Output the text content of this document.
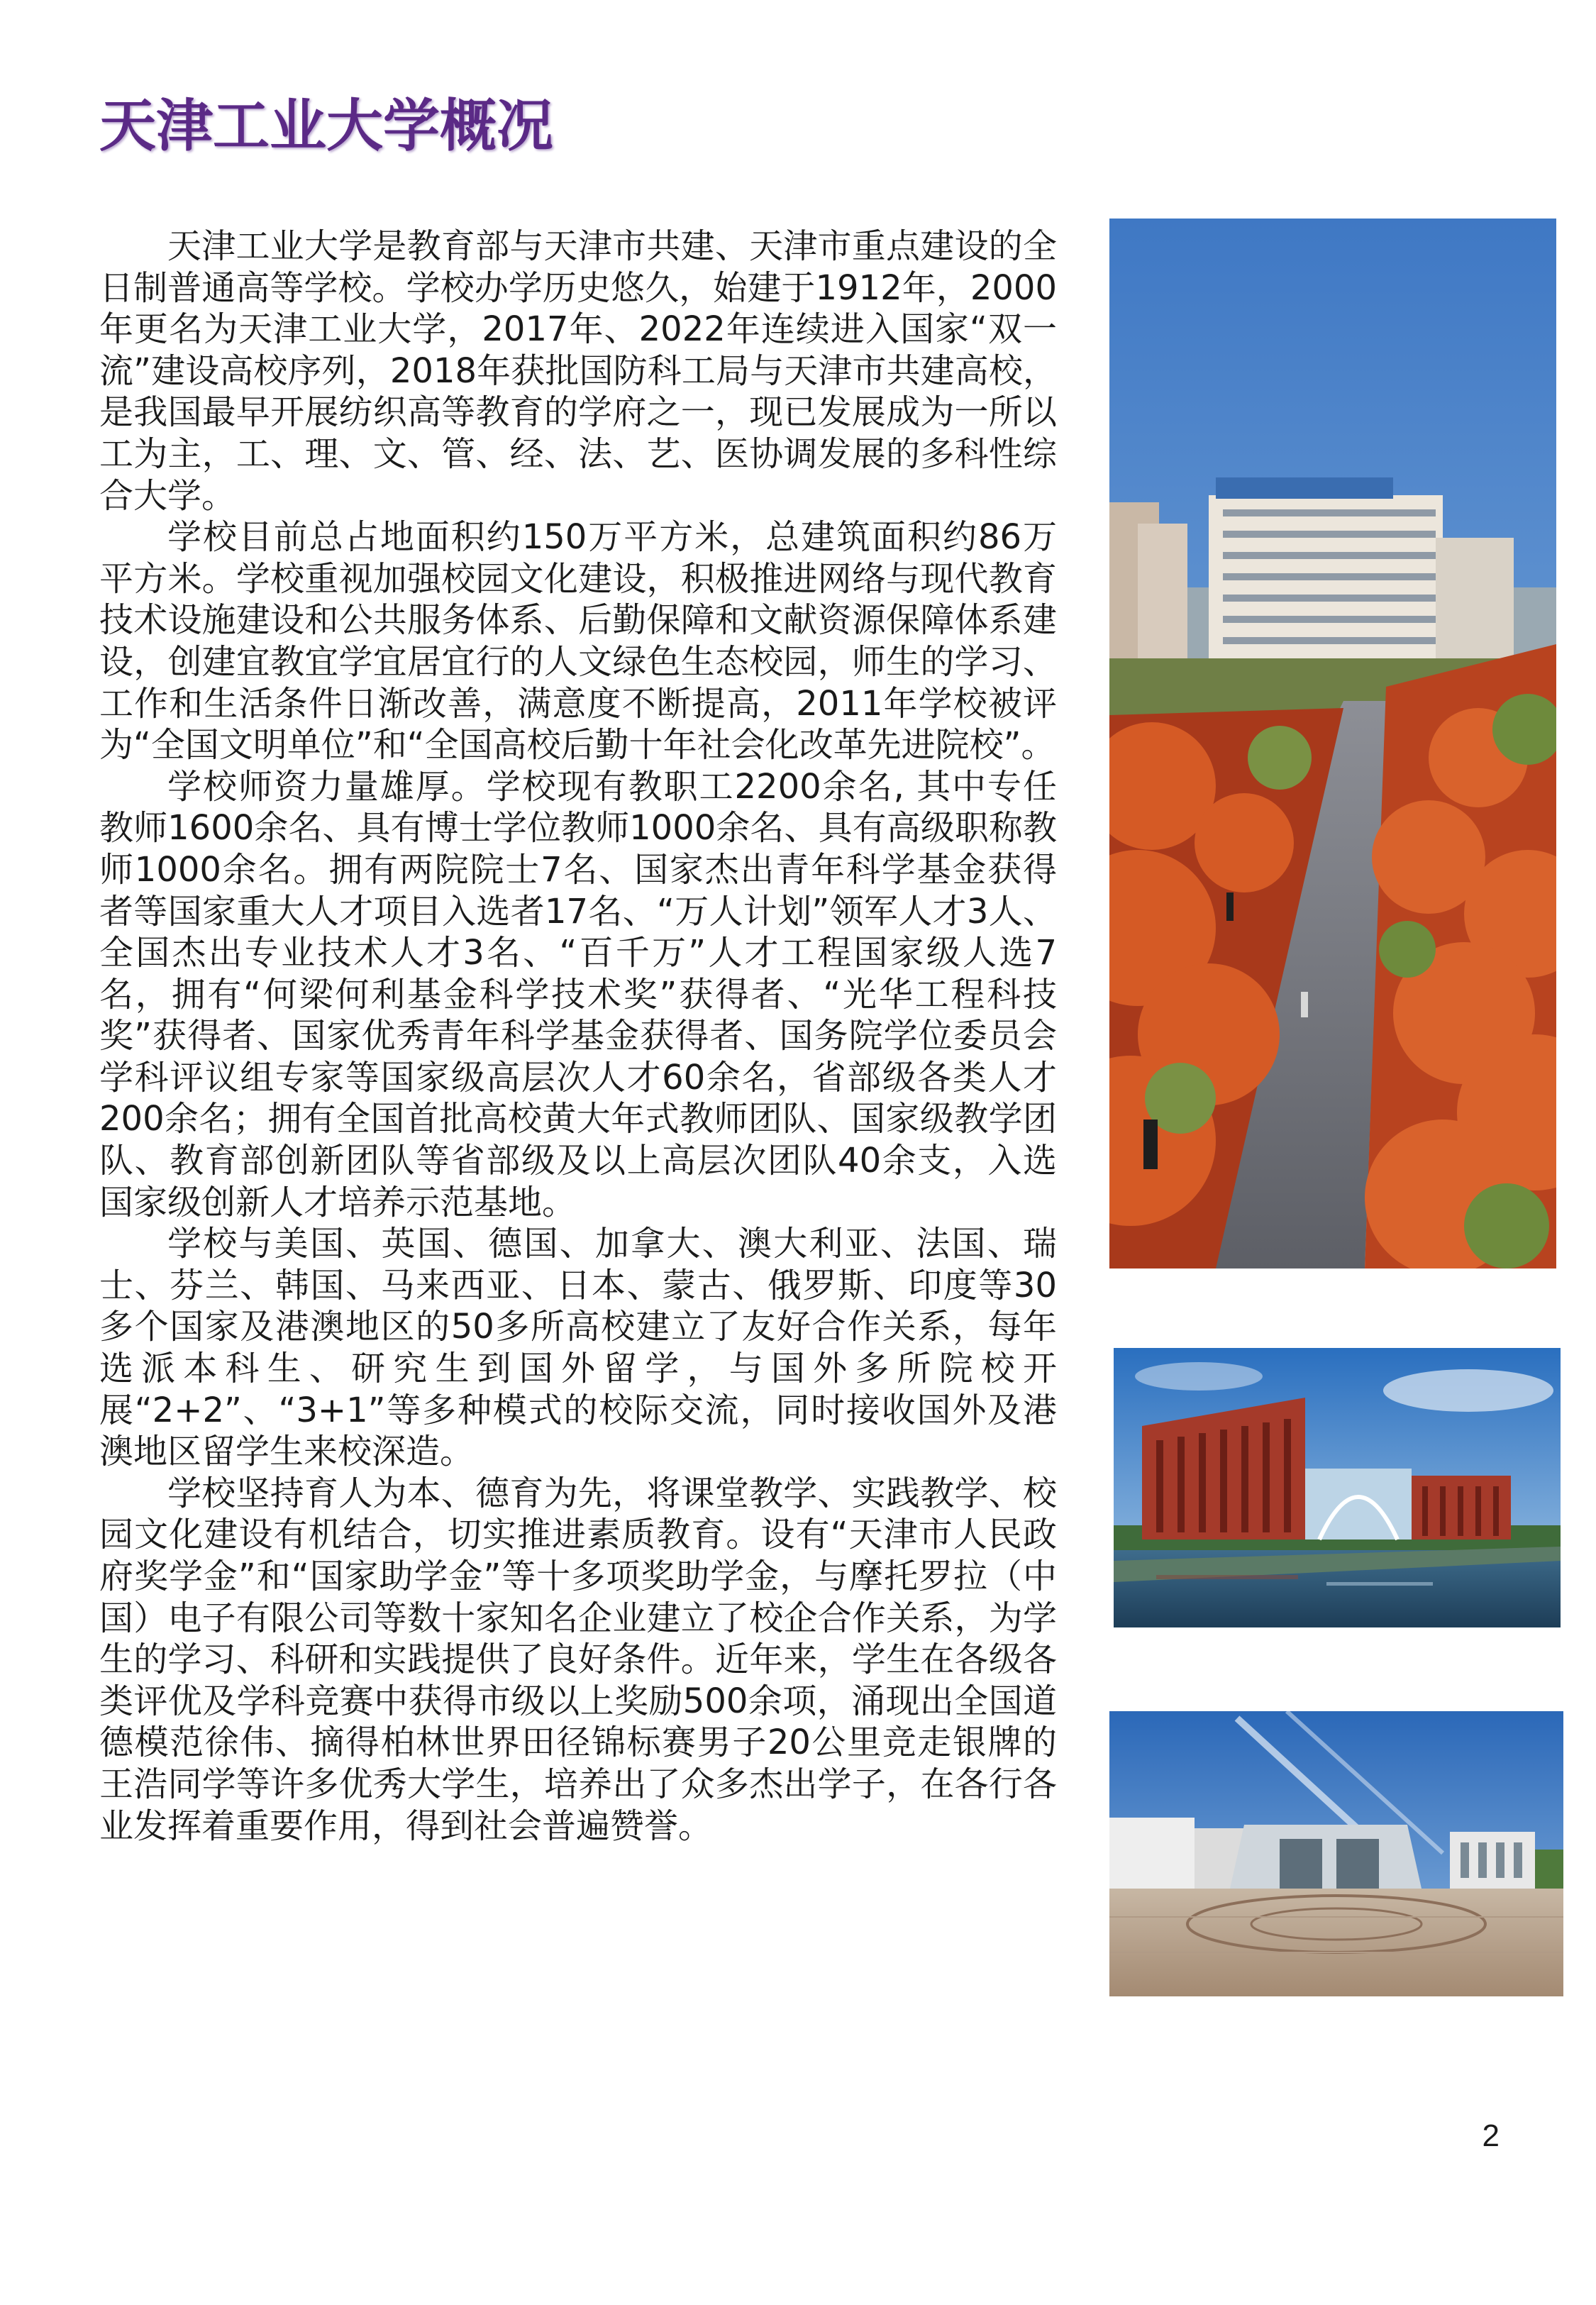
天津工业大学概况

天津工业大学是教育部与天津市共建、天津市重点建设的全日制普通高等学校。学校办学历史悠久，始建于1912年，2000年更名为天津工业大学，2017年、2022年连续进入国家“双一流”建设高校序列，2018年获批国防科工局与天津市共建高校，是我国最早开展纺织高等教育的学府之一，现已发展成为一所以工为主，工、理、文、管、经、法、艺、医协调发展的多科性综合大学。

学校目前总占地面积约150万平方米，总建筑面积约86万平方米。学校重视加强校园文化建设，积极推进网络与现代教育技术设施建设和公共服务体系、后勤保障和文献资源保障体系建设，创建宜教宜学宜居宜行的人文绿色生态校园，师生的学习、工作和生活条件日渐改善，满意度不断提高，2011年学校被评为“全国文明单位”和“全国高校后勤十年社会化改革先进院校”。

学校师资力量雄厚。学校现有教职工2200余名, 其中专任教师1600余名、具有博士学位教师1000余名、具有高级职称教师1000余名。拥有两院院士7名、国家杰出青年科学基金获得者等国家重大人才项目入选者17名、“万人计划”领军人才3人、全国杰出专业技术人才3名、“百千万”人才工程国家级人选7名，拥有“何梁何利基金科学技术奖”获得者、“光华工程科技奖”获得者、国家优秀青年科学基金获得者、国务院学位委员会学科评议组专家等国家级高层次人才60余名，省部级各类人才200余名；拥有全国首批高校黄大年式教师团队、国家级教学团队、教育部创新团队等省部级及以上高层次团队40余支，入选国家级创新人才培养示范基地。

学校与美国、英国、德国、加拿大、澳大利亚、法国、瑞士、芬兰、韩国、马来西亚、日本、蒙古、俄罗斯、印度等30多个国家及港澳地区的50多所高校建立了友好合作关系，每年选派本科生、研究生到国外留学，与国外多所院校开展“2+2”、“3+1”等多种模式的校际交流，同时接收国外及港澳地区留学生来校深造。

学校坚持育人为本、德育为先，将课堂教学、实践教学、校园文化建设有机结合，切实推进素质教育。设有“天津市人民政府奖学金”和“国家助学金”等十多项奖助学金，与摩托罗拉（中国）电子有限公司等数十家知名企业建立了校企合作关系，为学生的学习、科研和实践提供了良好条件。近年来，学生在各级各类评优及学科竞赛中获得市级以上奖励500余项，涌现出全国道德模范徐伟、摘得柏林世界田径锦标赛男子20公里竞走银牌的王浩同学等许多优秀大学生，培养出了众多杰出学子，在各行各业发挥着重要作用，得到社会普遍赞誉。

2
